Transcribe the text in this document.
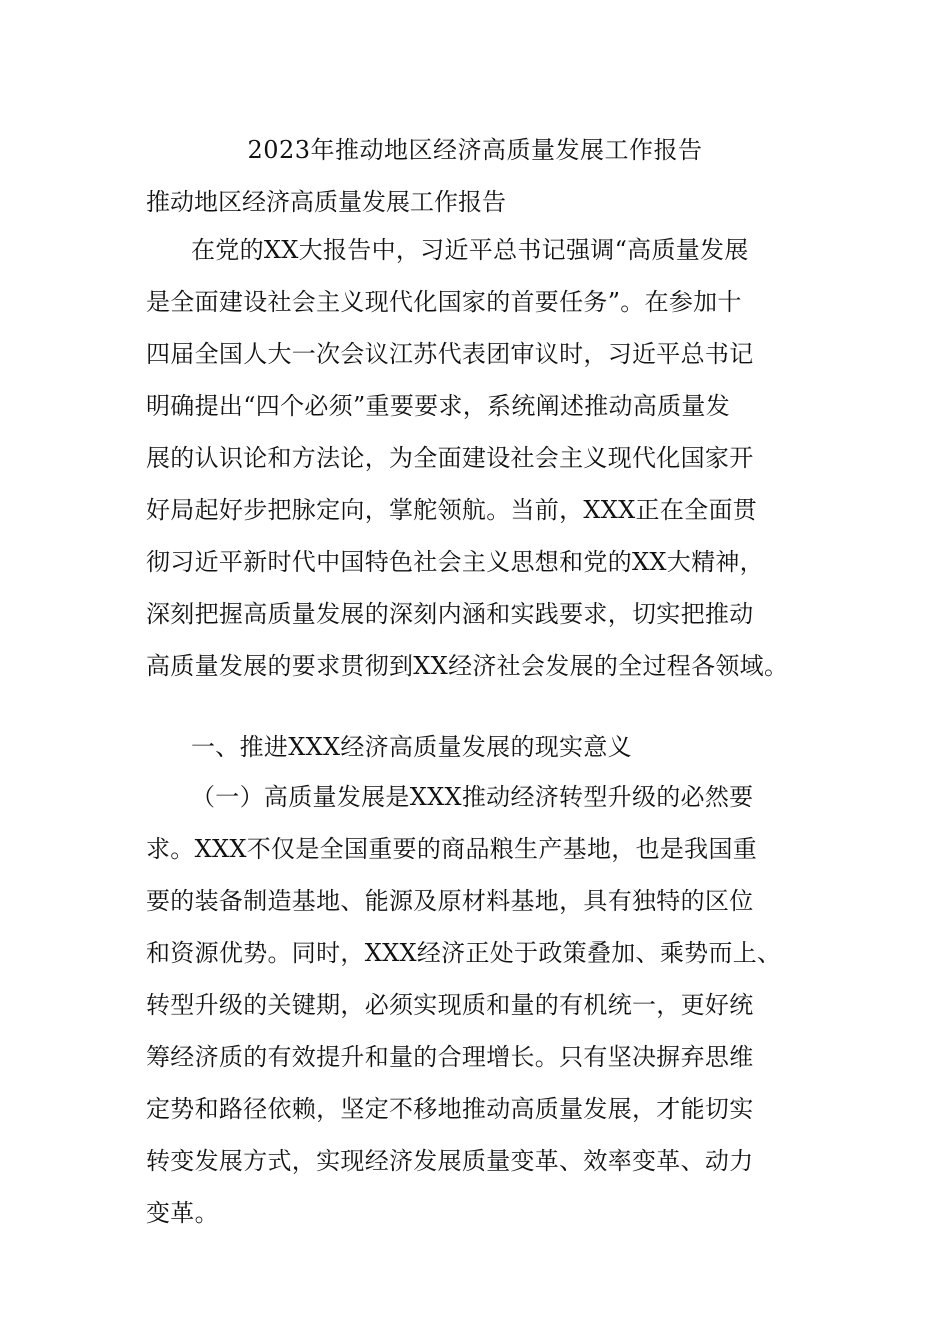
2023年推动地区经济高质量发展工作报告
推动地区经济高质量发展工作报告
在党的XX大报告中，习近平总书记强调“高质量发展
是全面建设社会主义现代化国家的首要任务”。在参加十
四届全国人大一次会议江苏代表团审议时，习近平总书记
明确提出“四个必须”重要要求，系统阐述推动高质量发
展的认识论和方法论，为全面建设社会主义现代化国家开
好局起好步把脉定向，掌舵领航。当前，XXX正在全面贯
彻习近平新时代中国特色社会主义思想和党的XX大精神，
深刻把握高质量发展的深刻内涵和实践要求，切实把推动
高质量发展的要求贯彻到XX经济社会发展的全过程各领域。
一、推进XXX经济高质量发展的现实意义
（一）高质量发展是XXX推动经济转型升级的必然要
求。XXX不仅是全国重要的商品粮生产基地，也是我国重
要的装备制造基地、能源及原材料基地，具有独特的区位
和资源优势。同时，XXX经济正处于政策叠加、乘势而上、
转型升级的关键期，必须实现质和量的有机统一，更好统
筹经济质的有效提升和量的合理增长。只有坚决摒弃思维
定势和路径依赖，坚定不移地推动高质量发展，才能切实
转变发展方式，实现经济发展质量变革、效率变革、动力
变革。
